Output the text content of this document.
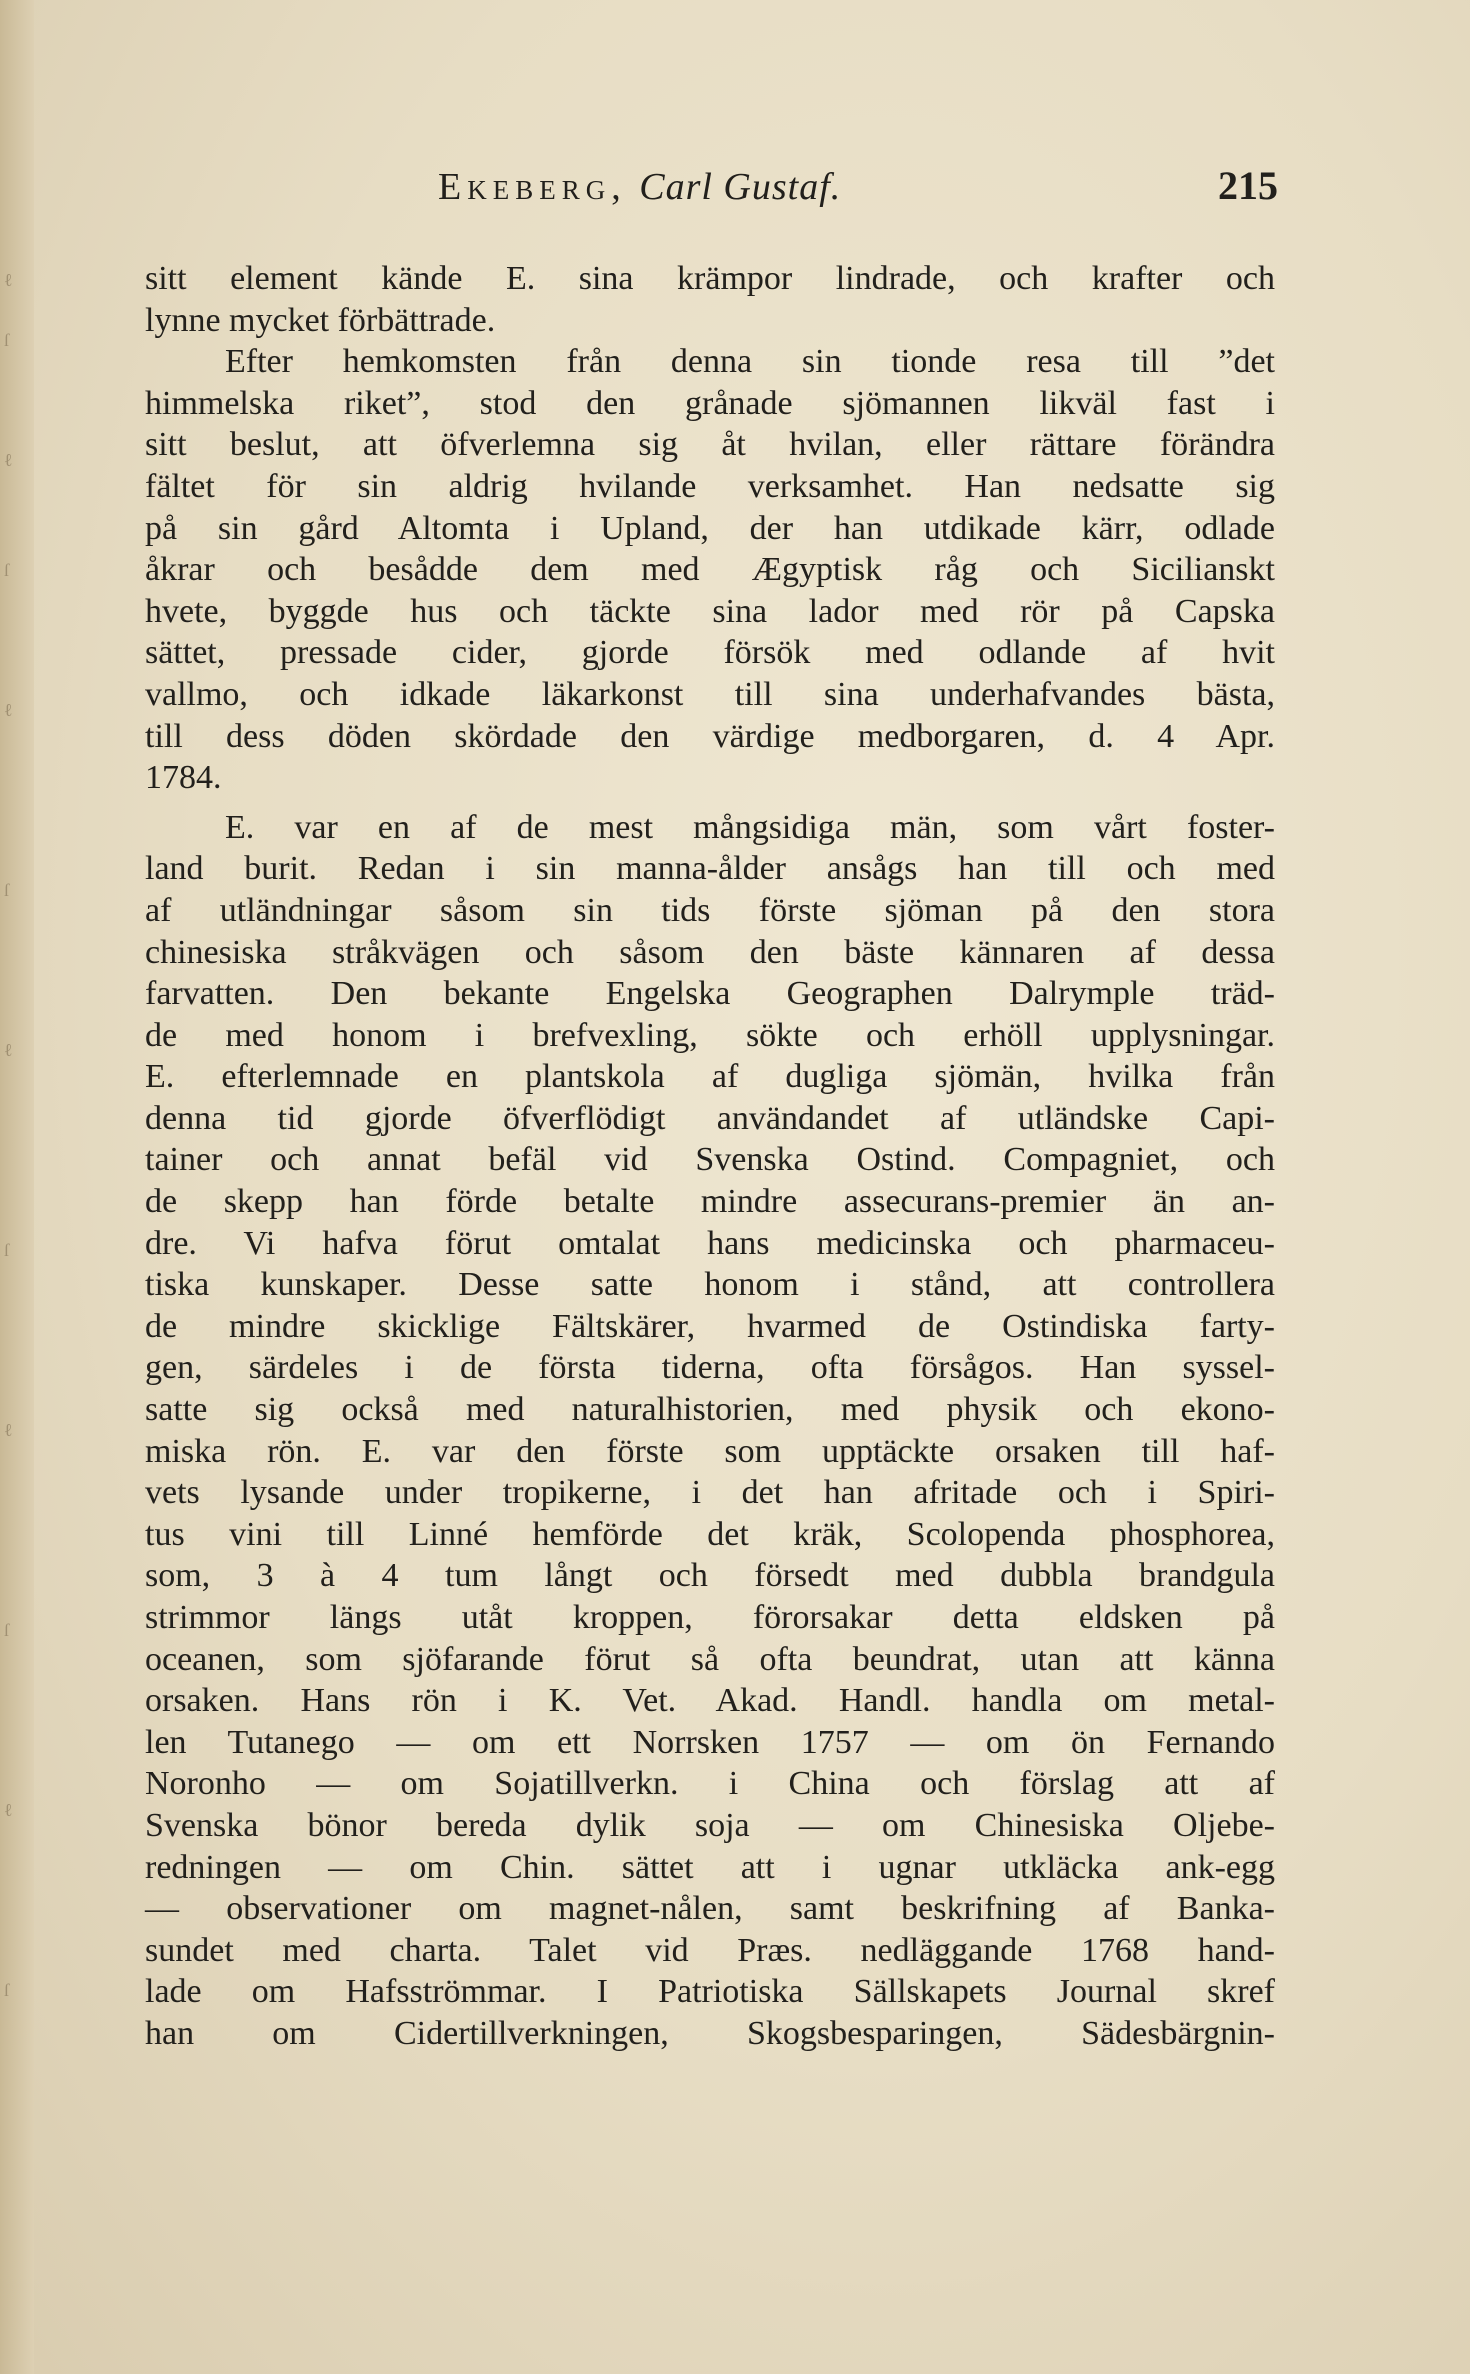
ℓ
ſ
ℓ
ſ
ℓ
ſ
ℓ
ſ
ℓ
ſ
ℓ
ſ
Ekeberg, Carl Gustaf.	215
sitt element kände E. sina krämpor lindrade, och krafter och
lynne mycket förbättrade.
Efter hemkomsten från denna sin tionde resa till ”det
himmelska riket”, stod den grånade sjömannen likväl fast i
sitt beslut, att öfverlemna sig åt hvilan, eller rättare förändra
fältet för sin aldrig hvilande verksamhet. Han nedsatte sig
på sin gård Altomta i Upland, der han utdikade kärr, odlade
åkrar och besådde dem med Ægyptisk råg och Sicilianskt
hvete, byggde hus och täckte sina lador med rör på Capska
sättet, pressade cider, gjorde försök med odlande af hvit
vallmo, och idkade läkarkonst till sina underhafvandes bästa,
till dess döden skördade den värdige medborgaren, d. 4 Apr.
1784.
E. var en af de mest mångsidiga män, som vårt foster-
land burit. Redan i sin manna-ålder ansågs han till och med
af utländningar såsom sin tids förste sjöman på den stora
chinesiska stråkvägen och såsom den bäste kännaren af dessa
farvatten. Den bekante Engelska Geographen Dalrymple träd-
de med honom i brefvexling, sökte och erhöll upplysningar.
E. efterlemnade en plantskola af dugliga sjömän, hvilka från
denna tid gjorde öfverflödigt användandet af utländske Capi-
tainer och annat befäl vid Svenska Ostind. Compagniet, och
de skepp han förde betalte mindre assecurans-premier än an-
dre. Vi hafva förut omtalat hans medicinska och pharmaceu-
tiska kunskaper. Desse satte honom i stånd, att controllera
de mindre skicklige Fältskärer, hvarmed de Ostindiska farty-
gen, särdeles i de första tiderna, ofta försågos. Han syssel-
satte sig också med naturalhistorien, med physik och ekono-
miska rön. E. var den förste som upptäckte orsaken till haf-
vets lysande under tropikerne, i det han afritade och i Spiri-
tus vini till Linné hemförde det kräk, Scolopenda phosphorea,
som, 3 à 4 tum långt och försedt med dubbla brandgula
strimmor längs utåt kroppen, förorsakar detta eldsken på
oceanen, som sjöfarande förut så ofta beundrat, utan att känna
orsaken. Hans rön i K. Vet. Akad. Handl. handla om metal-
len Tutanego — om ett Norrsken 1757 — om ön Fernando
Noronho — om Sojatillverkn. i China och förslag att af
Svenska bönor bereda dylik soja — om Chinesiska Oljebe-
redningen — om Chin. sättet att i ugnar utkläcka ank-egg
— observationer om magnet-nålen, samt beskrifning af Banka-
sundet med charta. Talet vid Præs. nedläggande 1768 hand-
lade om Hafsströmmar. I Patriotiska Sällskapets Journal skref
han om Cidertillverkningen, Skogsbesparingen, Sädesbärgnin-
